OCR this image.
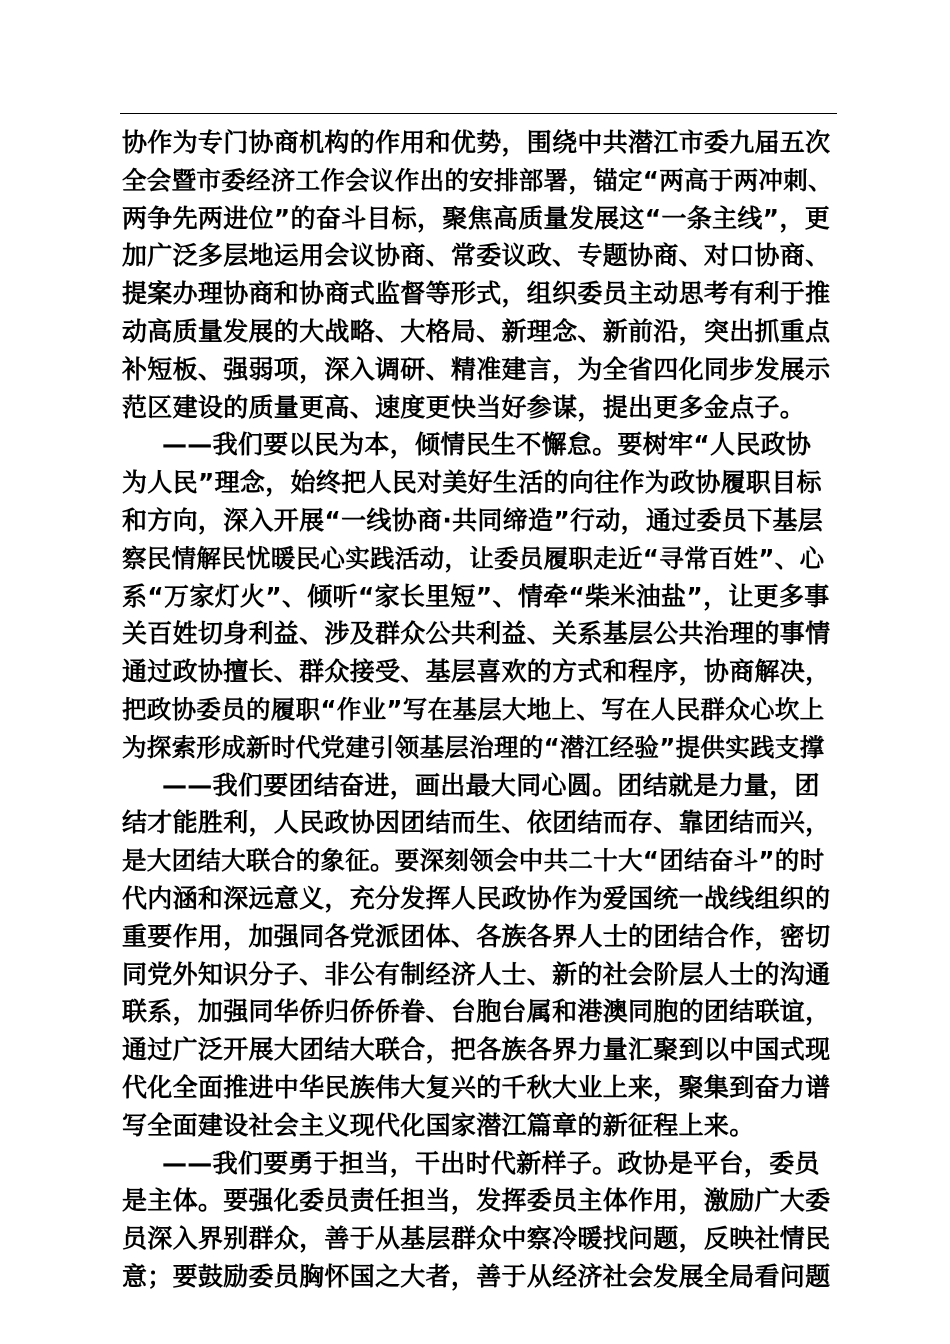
协作为专门协商机构的作用和优势，围绕中共潜江市委九届五次
全会暨市委经济工作会议作出的安排部署，锚定“两高于两冲刺、
两争先两进位”的奋斗目标，聚焦高质量发展这“一条主线”，更
加广泛多层地运用会议协商、常委议政、专题协商、对口协商、
提案办理协商和协商式监督等形式，组织委员主动思考有利于推
动高质量发展的大战略、大格局、新理念、新前沿，突出抓重点
补短板、强弱项，深入调研、精准建言，为全省四化同步发展示
范区建设的质量更高、速度更快当好参谋，提出更多金点子。
——我们要以民为本，倾情民生不懈怠。要树牢“人民政协
为人民”理念，始终把人民对美好生活的向往作为政协履职目标
和方向，深入开展“一线协商·共同缔造”行动，通过委员下基层
察民情解民忧暖民心实践活动，让委员履职走近“寻常百姓”、心
系“万家灯火”、倾听“家长里短”、情牵“柴米油盐”，让更多事
关百姓切身利益、涉及群众公共利益、关系基层公共治理的事情
通过政协擅长、群众接受、基层喜欢的方式和程序，协商解决，
把政协委员的履职“作业”写在基层大地上、写在人民群众心坎上
为探索形成新时代党建引领基层治理的“潜江经验”提供实践支撑
——我们要团结奋进，画出最大同心圆。团结就是力量，团
结才能胜利，人民政协因团结而生、依团结而存、靠团结而兴，
是大团结大联合的象征。要深刻领会中共二十大“团结奋斗”的时
代内涵和深远意义，充分发挥人民政协作为爱国统一战线组织的
重要作用，加强同各党派团体、各族各界人士的团结合作，密切
同党外知识分子、非公有制经济人士、新的社会阶层人士的沟通
联系，加强同华侨归侨侨眷、台胞台属和港澳同胞的团结联谊，
通过广泛开展大团结大联合，把各族各界力量汇聚到以中国式现
代化全面推进中华民族伟大复兴的千秋大业上来，聚集到奋力谱
写全面建设社会主义现代化国家潜江篇章的新征程上来。
——我们要勇于担当，干出时代新样子。政协是平台，委员
是主体。要强化委员责任担当，发挥委员主体作用，激励广大委
员深入界别群众，善于从基层群众中察冷暖找问题，反映社情民
意；要鼓励委员胸怀国之大者，善于从经济社会发展全局看问题
